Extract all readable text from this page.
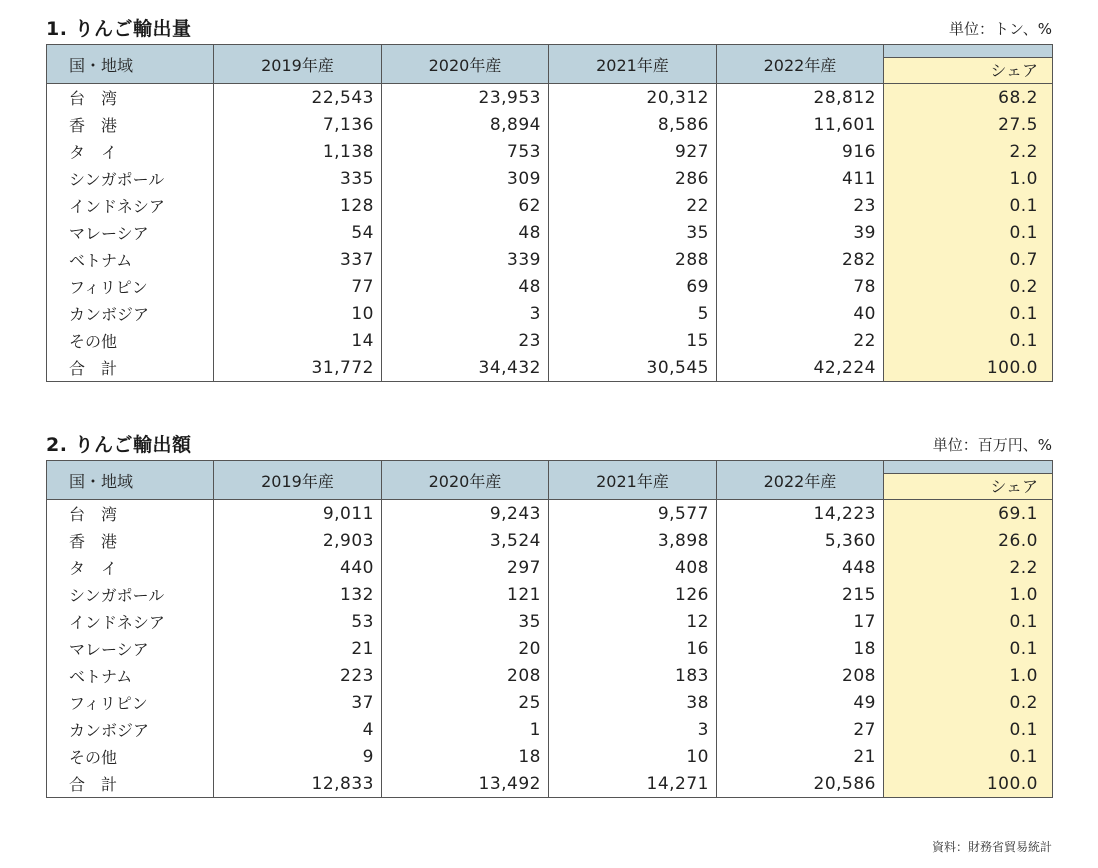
1. りんご輸出量	単位：トン、%
国・地域	2019年産	2020年産	2021年産	2022年産	シェア

台　湾	22,543	23,953	20,312	28,812	68.2
香　港	7,136	8,894	8,586	11,601	27.5
タ　イ	1,138	753	927	916	2.2
シンガポール	335	309	286	411	1.0
インドネシア	128	62	22	23	0.1
マレーシア	54	48	35	39	0.1
ベトナム	337	339	288	282	0.7
フィリピン	77	48	69	78	0.2
カンボジア	10	3	5	40	0.1
その他	14	23	15	22	0.1
合　計	31,772	34,432	30,545	42,224	100.0
2. りんご輸出額	単位：百万円、%
国・地域	2019年産	2020年産	2021年産	2022年産	シェア

台　湾	9,011	9,243	9,577	14,223	69.1
香　港	2,903	3,524	3,898	5,360	26.0
タ　イ	440	297	408	448	2.2
シンガポール	132	121	126	215	1.0
インドネシア	53	35	12	17	0.1
マレーシア	21	20	16	18	0.1
ベトナム	223	208	183	208	1.0
フィリピン	37	25	38	49	0.2
カンボジア	4	1	3	27	0.1
その他	9	18	10	21	0.1
合　計	12,833	13,492	14,271	20,586	100.0
資料：財務省貿易統計
